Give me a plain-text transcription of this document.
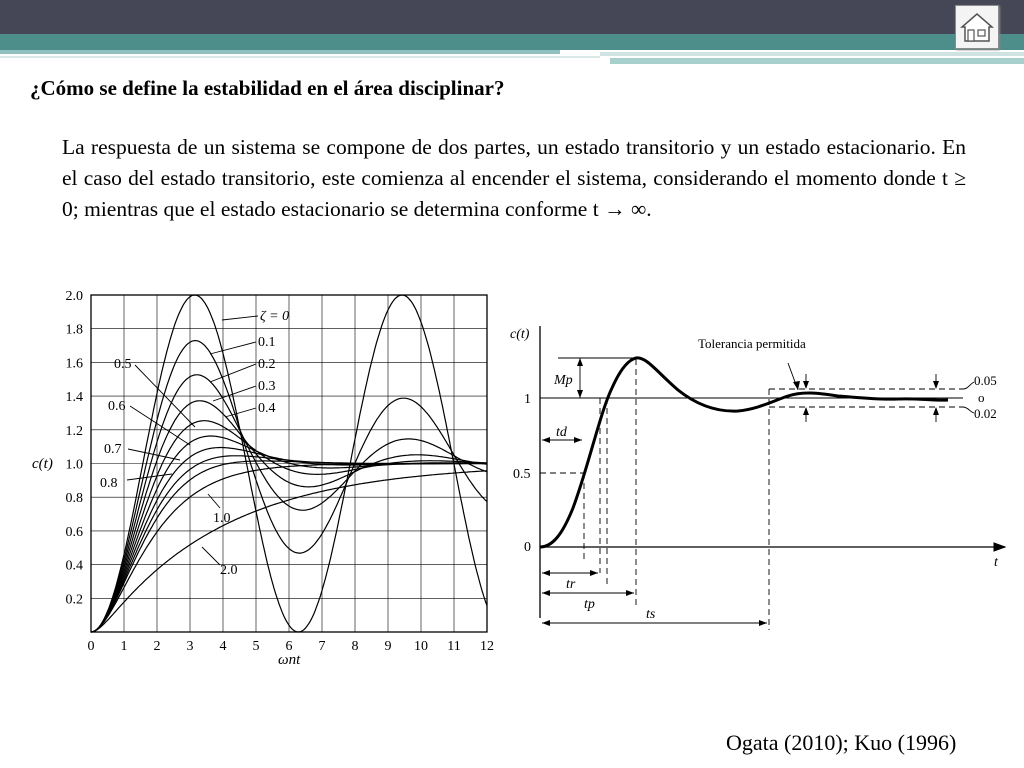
¿Cómo se define la estabilidad en el área disciplinar?

La respuesta de un sistema se compone de dos partes, un estado transitorio y un estado estacionario. En el caso del estado transitorio, este comienza al encender el sistema, considerando el momento donde t ≥ 0; mientras que el estado estacionario se determina conforme t → ∞.

0 1 2 3 4 5 6 7 8 9 10 11 12
0.2
0.4
0.6
0.8
1.0
1.2
1.4
1.6
1.8
2.0
ζ = 0
0.1
0.2
0.3
0.4
0.5
0.6
0.7
0.8
1.0
2.0
c(t)
ωnt
c(t)
t
0
0.5
1
Tolerancia permitida
0.05
o
0.02
Mp
td
tr
tp
ts
Ogata (2010); Kuo (1996)
